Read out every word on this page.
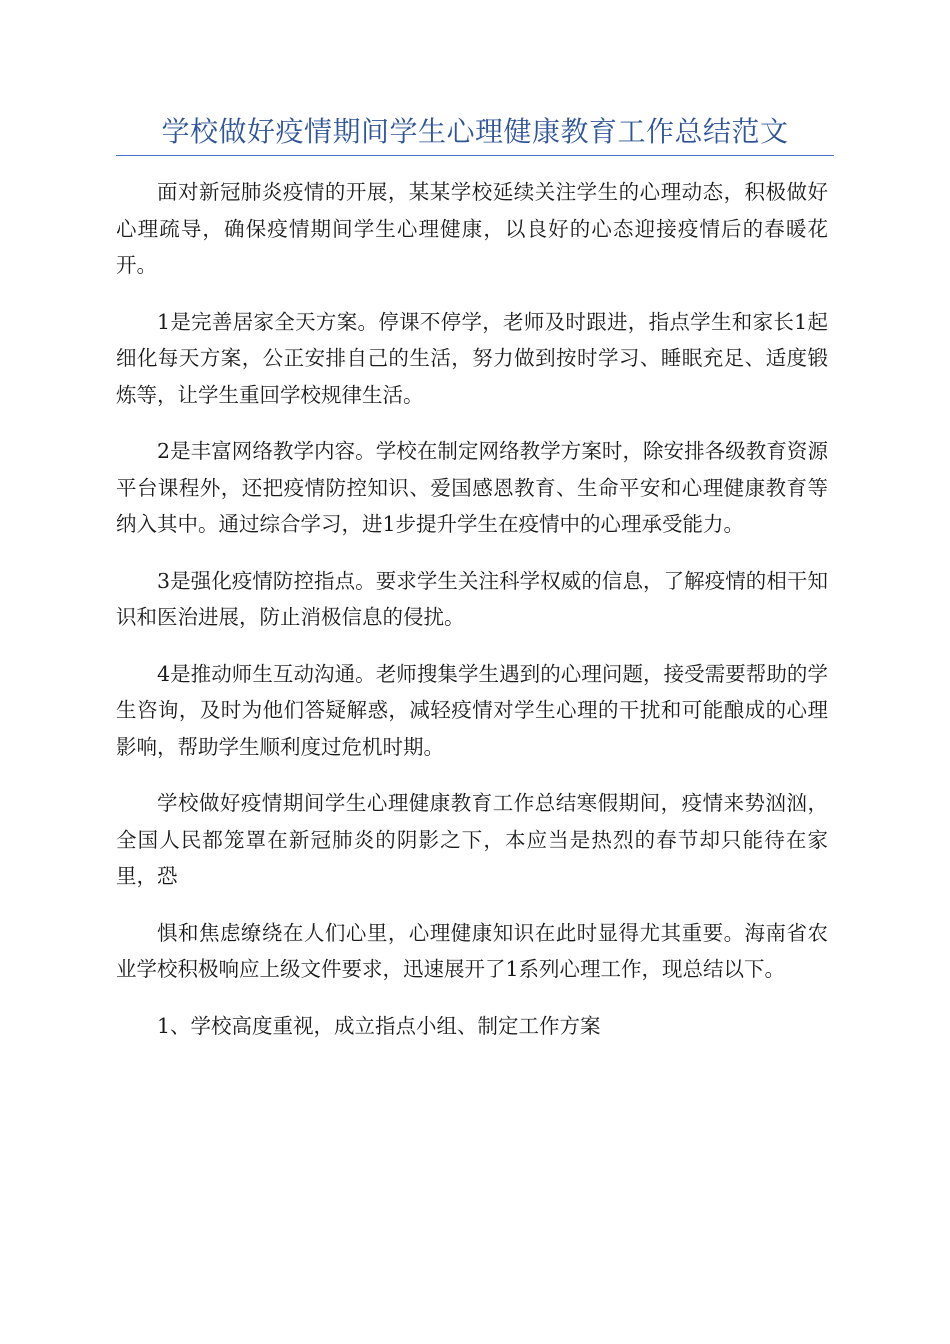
学校做好疫情期间学生心理健康教育工作总结范文

面对新冠肺炎疫情的开展，某某学校延续关注学生的心理动态，积极做好心理疏导，确保疫情期间学生心理健康，以良好的心态迎接疫情后的春暖花开。

1是完善居家全天方案。停课不停学，老师及时跟进，指点学生和家长1起细化每天方案，公正安排自己的生活，努力做到按时学习、睡眠充足、适度锻炼等，让学生重回学校规律生活。

2是丰富网络教学内容。学校在制定网络教学方案时，除安排各级教育资源平台课程外，还把疫情防控知识、爱国感恩教育、生命平安和心理健康教育等纳入其中。通过综合学习，进1步提升学生在疫情中的心理承受能力。

3是强化疫情防控指点。要求学生关注科学权威的信息，了解疫情的相干知识和医治进展，防止消极信息的侵扰。

4是推动师生互动沟通。老师搜集学生遇到的心理问题，接受需要帮助的学生咨询，及时为他们答疑解惑，减轻疫情对学生心理的干扰和可能酿成的心理影响，帮助学生顺利度过危机时期。

学校做好疫情期间学生心理健康教育工作总结寒假期间，疫情来势汹汹，全国人民都笼罩在新冠肺炎的阴影之下，本应当是热烈的春节却只能待在家里，恐

惧和焦虑缭绕在人们心里，心理健康知识在此时显得尤其重要。海南省农业学校积极响应上级文件要求，迅速展开了1系列心理工作，现总结以下。

1、学校高度重视，成立指点小组、制定工作方案
